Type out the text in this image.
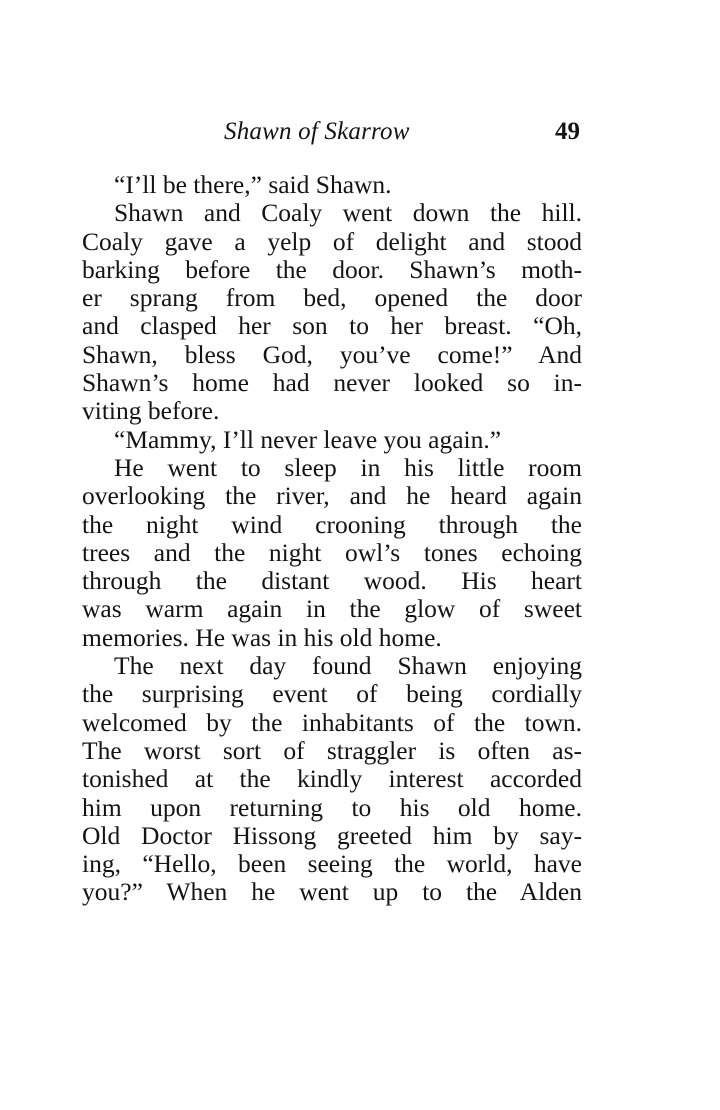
Shawn of Skarrow	49
“I’ll be there,” said Shawn.
Shawn and Coaly went down the hill.
Coaly gave a yelp of delight and stood
barking before the door. Shawn’s moth-
er sprang from bed, opened the door
and clasped her son to her breast. “Oh,
Shawn, bless God, you’ve come!” And
Shawn’s home had never looked so in-
viting before.
“Mammy, I’ll never leave you again.”
He went to sleep in his little room
overlooking the river, and he heard again
the night wind crooning through the
trees and the night owl’s tones echoing
through the distant wood. His heart
was warm again in the glow of sweet
memories. He was in his old home.
The next day found Shawn enjoying
the surprising event of being cordially
welcomed by the inhabitants of the town.
The worst sort of straggler is often as-
tonished at the kindly interest accorded
him upon returning to his old home.
Old Doctor Hissong greeted him by say-
ing, “Hello, been seeing the world, have
you?” When he went up to the Alden
